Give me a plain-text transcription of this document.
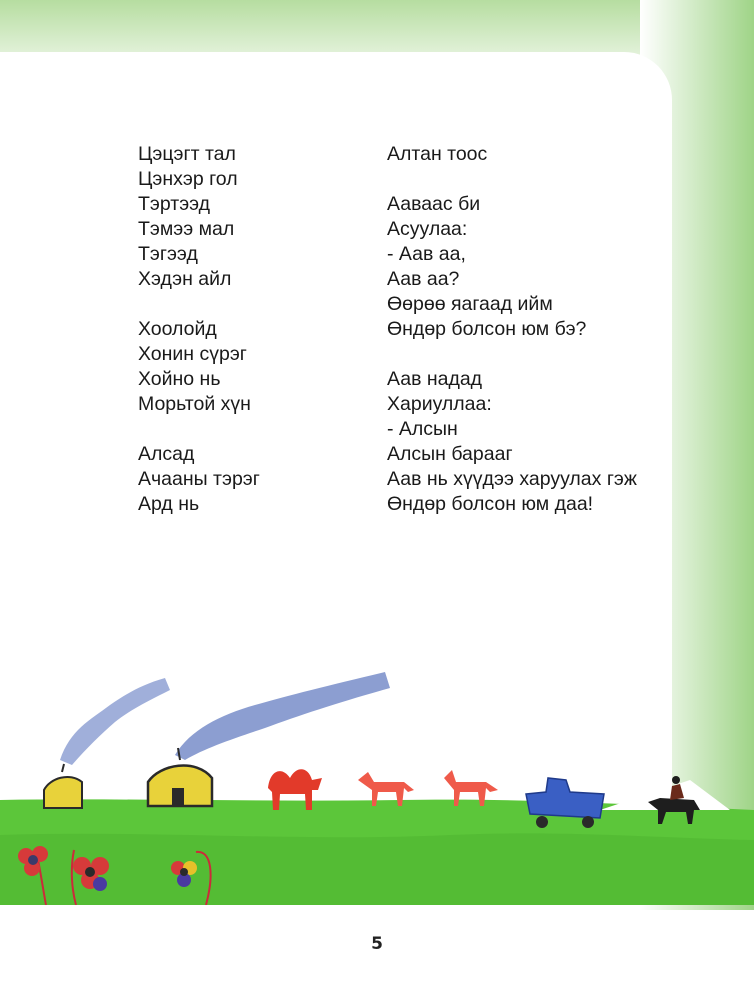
Цэцэгт тал
Цэнхэр гол
Тэртээд
Тэмээ мал
Тэгээд
Хэдэн айл
Хоолойд
Хонин сүрэг
Хойно нь
Морьтой хүн
Алсад
Ачааны тэрэг
Ард нь
Алтан тоос
Ааваас би
Асуулаа:
- Аав аа,
Аав аа?
Өөрөө яагаад ийм
Өндөр болсон юм бэ?
Аав надад
Хариуллаа:
- Алсын
Алсын барааг
Аав нь хүүдээ харуулах гэж
Өндөр болсон юм даа!
5
